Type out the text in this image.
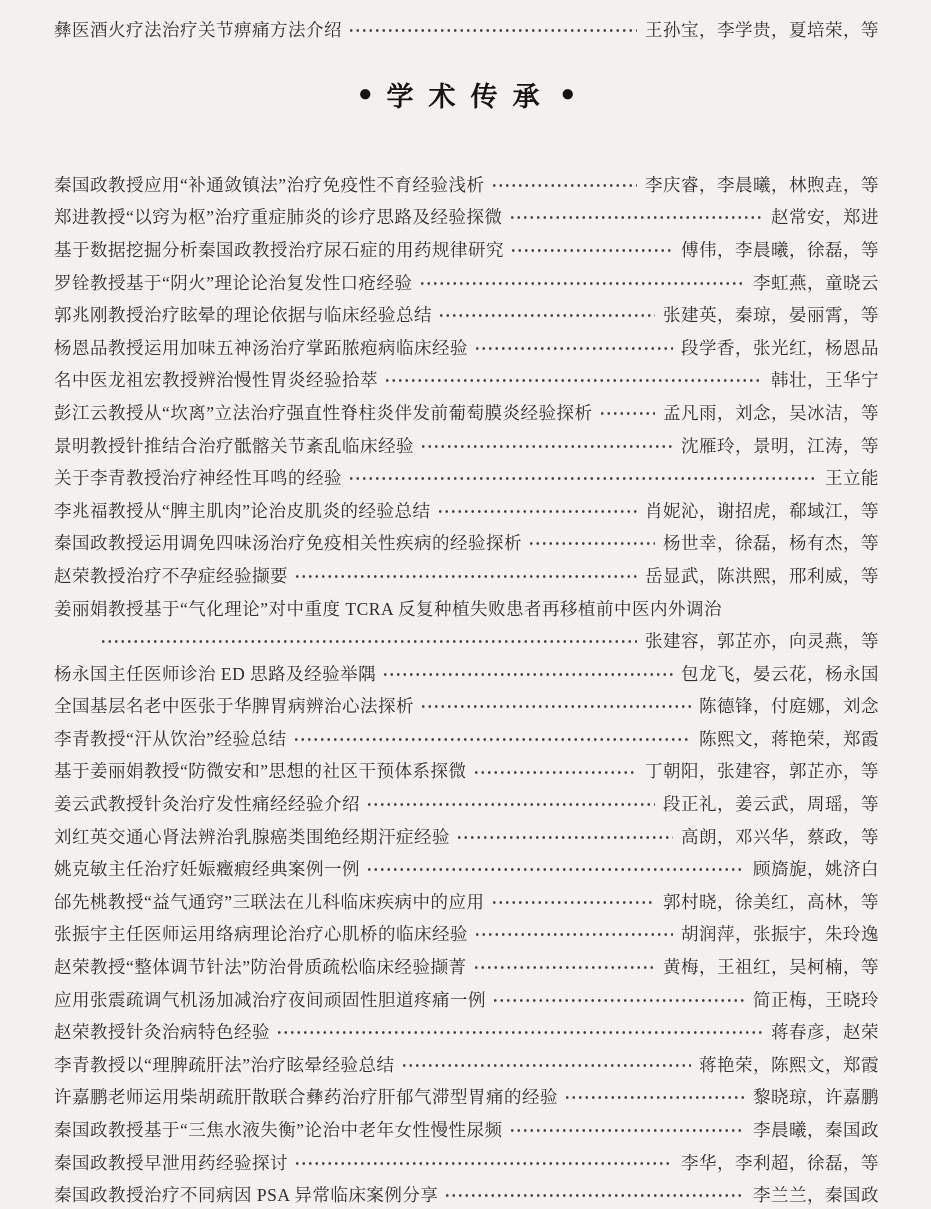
彝医酒火疗法治疗关节痹痛方法介绍	王孙宝，李学贵，夏培荣，等
● 学术传承 ●
秦国政教授应用“补通敛镇法”治疗免疫性不育经验浅析	李庆睿，李晨曦，林煦垚，等
郑进教授“以窍为枢”治疗重症肺炎的诊疗思路及经验探微	赵常安，郑进
基于数据挖掘分析秦国政教授治疗尿石症的用药规律研究	傅伟，李晨曦，徐磊，等
罗铨教授基于“阴火”理论论治复发性口疮经验	李虹燕，童晓云
郭兆刚教授治疗眩晕的理论依据与临床经验总结	张建英，秦琼，晏丽霄，等
杨恩品教授运用加味五神汤治疗掌跖脓疱病临床经验	段学香，张光红，杨恩品
名中医龙祖宏教授辨治慢性胃炎经验拾萃	韩壮，王华宁
彭江云教授从“坎离”立法治疗强直性脊柱炎伴发前葡萄膜炎经验探析	孟凡雨，刘念，吴冰洁，等
景明教授针推结合治疗骶髂关节紊乱临床经验	沈雁玲，景明，江涛，等
关于李青教授治疗神经性耳鸣的经验	王立能
李兆福教授从“脾主肌肉”论治皮肌炎的经验总结	肖妮沁，谢招虎，郗域江，等
秦国政教授运用调免四味汤治疗免疫相关性疾病的经验探析	杨世幸，徐磊，杨有杰，等
赵荣教授治疗不孕症经验撷要	岳显武，陈洪熙，邢利威，等
姜丽娟教授基于“气化理论”对中重度 TCRA 反复种植失败患者再移植前中医内外调治
张建容，郭芷亦，向灵燕，等
杨永国主任医师诊治 ED 思路及经验举隅	包龙飞，晏云花，杨永国
全国基层名老中医张于华脾胃病辨治心法探析	陈德锋，付庭娜，刘念
李青教授“汗从饮治”经验总结	陈熙文，蒋艳荣，郑霞
基于姜丽娟教授“防微安和”思想的社区干预体系探微	丁朝阳，张建容，郭芷亦，等
姜云武教授针灸治疗发性痛经经验介绍	段正礼，姜云武，周瑶，等
刘红英交通心肾法辨治乳腺癌类围绝经期汗症经验	高朗，邓兴华，蔡政，等
姚克敏主任治疗妊娠癥瘕经典案例一例	顾旖旎，姚济白
邰先桃教授“益气通窍”三联法在儿科临床疾病中的应用	郭村晓，徐美红，高林，等
张振宇主任医师运用络病理论治疗心肌桥的临床经验	胡润萍，张振宇，朱玲逸
赵荣教授“整体调节针法”防治骨质疏松临床经验撷菁	黄梅，王祖红，吴柯楠，等
应用张震疏调气机汤加减治疗夜间顽固性胆道疼痛一例	简正梅，王晓玲
赵荣教授针灸治病特色经验	蒋春彦，赵荣
李青教授以“理脾疏肝法”治疗眩晕经验总结	蒋艳荣，陈熙文，郑霞
许嘉鹏老师运用柴胡疏肝散联合彝药治疗肝郁气滞型胃痛的经验	黎晓琼，许嘉鹏
秦国政教授基于“三焦水液失衡”论治中老年女性慢性尿频	李晨曦，秦国政
秦国政教授早泄用药经验探讨	李华，李利超，徐磊，等
秦国政教授治疗不同病因 PSA 异常临床案例分享	李兰兰，秦国政
